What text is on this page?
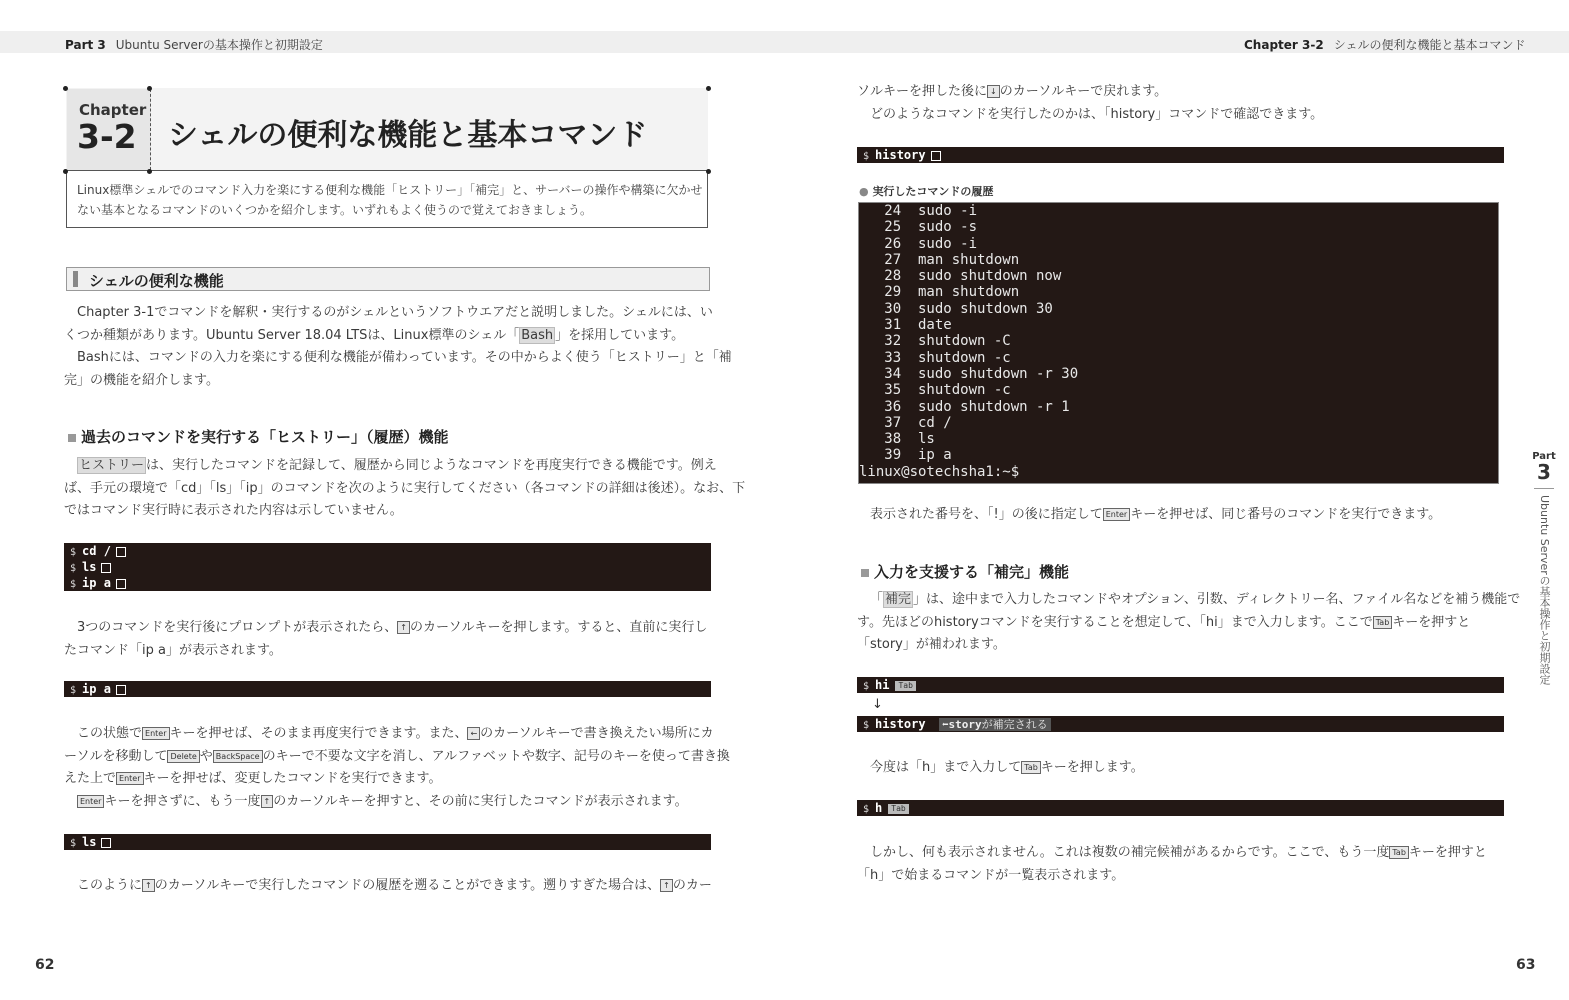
Part 3 Ubuntu Serverの基本操作と初期設定	Chapter 3-2 シェルの便利な機能と基本コマンド
Chapter
3-2 シェルの便利な機能と基本コマンド
Linux標準シェルでのコマンド入力を楽にする便利な機能「ヒストリー」「補完」と、サーバーの操作や構築に欠かせ
ない基本となるコマンドのいくつかを紹介します。いずれもよく使うので覚えておきましょう。
シェルの便利な機能
Chapter 3-1でコマンドを解釈・実行するのがシェルというソフトウエアだと説明しました。シェルには、い
くつか種類があります。Ubuntu Server 18.04 LTSは、Linux標準のシェル「 Bash 」を採用しています。
Bashには、コマンドの入力を楽にする便利な機能が備わっています。その中からよく使う「ヒストリー」と「補
完」の機能を紹介します。
過去のコマンドを実行する「ヒストリー」（履歴）機能
ヒストリー は、実行したコマンドを記録して、履歴から同じようなコマンドを再度実行できる機能です。例え
ば、手元の環境で「cd」「ls」「ip」のコマンドを次のように実行してください（各コマンドの詳細は後述）。なお、下
ではコマンド実行時に表示された内容は示していません。
$ cd /
$ ls
$ ip a
3つのコマンドを実行後にプロンプトが表示されたら、 ↑ のカーソルキーを押します。すると、直前に実行し
たコマンド「ip a」が表示されます。
$ ip a
この状態で Enter キーを押せば、そのまま再度実行できます。また、 ← のカーソルキーで書き換えたい場所にカ
ーソルを移動して Delete や BackSpace のキーで不要な文字を消し、アルファベットや数字、記号のキーを使って書き換
えた上で Enter キーを押せば、変更したコマンドを実行できます。
Enter キーを押さずに、もう一度 ↑ のカーソルキーを押すと、その前に実行したコマンドが表示されます。
$ ls
このように ↑ のカーソルキーで実行したコマンドの履歴を遡ることができます。遡りすぎた場合は、 ↑ のカー
62
ソルキーを押した後に ↓ のカーソルキーで戻れます。
どのようなコマンドを実行したのかは、「history」コマンドで確認できます。
$ history
● 実行したコマンドの履歴
24  sudo -i
25  sudo -s
26  sudo -i
27  man shutdown
28  sudo shutdown now
29  man shutdown
30  sudo shutdown 30
31  date
32  shutdown -C
33  shutdown -c
34  sudo shutdown -r 30
35  shutdown -c
36  sudo shutdown -r 1
37  cd /
38  ls
39  ip a
linux@sotechsha1:~$
表示された番号を、「!」の後に指定して Enter キーを押せば、同じ番号のコマンドを実行できます。
入力を支援する「補完」機能
「 補完 」は、途中まで入力したコマンドやオプション、引数、ディレクトリー名、ファイル名などを補う機能で
す。先ほどのhistoryコマンドを実行することを想定して、「hi」まで入力します。ここで Tab キーを押すと
「story」が補われます。
$ hi Tab
↓
$ history ⬅storyが補完される
今度は「h」まで入力して Tab キーを押します。
$ h Tab
しかし、何も表示されません。これは複数の補完候補があるからです。ここで、もう一度 Tab キーを押すと
「h」で始まるコマンドが一覧表示されます。
Part
3
Ubuntu Serverの基本操作と初期設定
63
